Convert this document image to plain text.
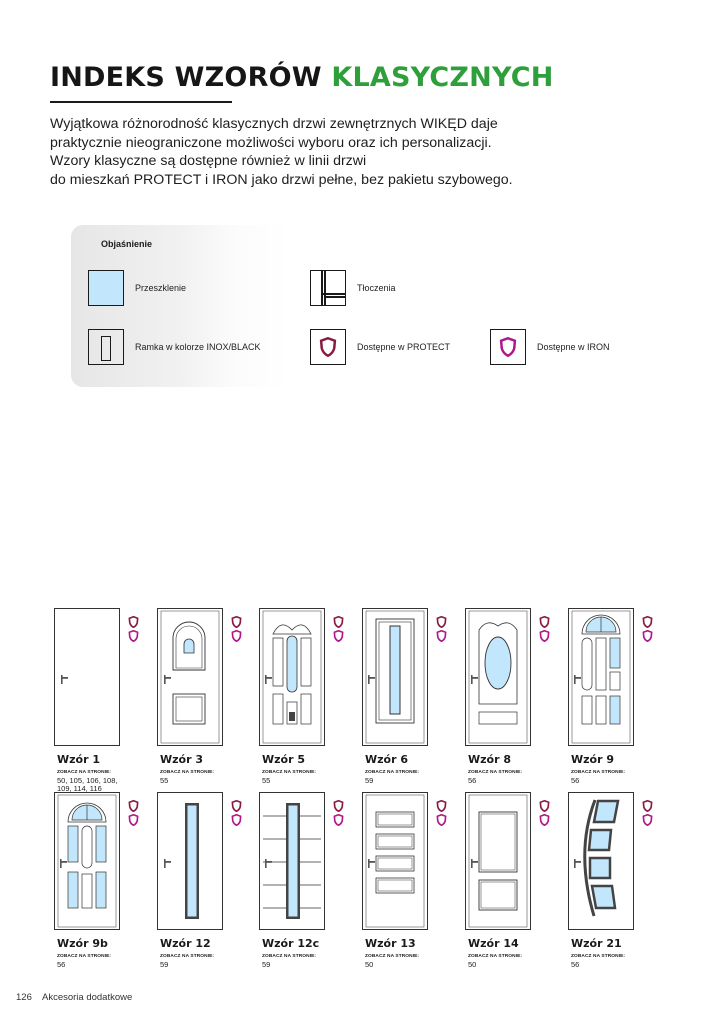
INDEKS WZORÓW KLASYCZNYCH
Wyjątkowa różnorodność klasycznych drzwi zewnętrznych WIKĘD daje
praktycznie nieograniczone możliwości wyboru oraz ich personalizacji.
Wzory klasyczne są dostępne również w linii drzwi
do mieszkań PROTECT i IRON jako drzwi pełne, bez pakietu szybowego.
Objaśnienie
Przeszklenie	Tłoczenia
Ramka w kolorze INOX/BLACK	Dostępne w PROTECT	Dostępne w IRON
Wzór 1
ZOBACZ NA STRONIE:
50, 105, 106, 108, 109, 114, 116
Wzór 3
ZOBACZ NA STRONIE:
55
Wzór 5
ZOBACZ NA STRONIE:
55
Wzór 6
ZOBACZ NA STRONIE:
59
Wzór 8
ZOBACZ NA STRONIE:
56
Wzór 9
ZOBACZ NA STRONIE:
56
Wzór 9b
ZOBACZ NA STRONIE:
56
Wzór 12
ZOBACZ NA STRONIE:
59
Wzór 12c
ZOBACZ NA STRONIE:
59
Wzór 13
ZOBACZ NA STRONIE:
50
Wzór 14
ZOBACZ NA STRONIE:
50
Wzór 21
ZOBACZ NA STRONIE:
56
126 Akcesoria dodatkowe
